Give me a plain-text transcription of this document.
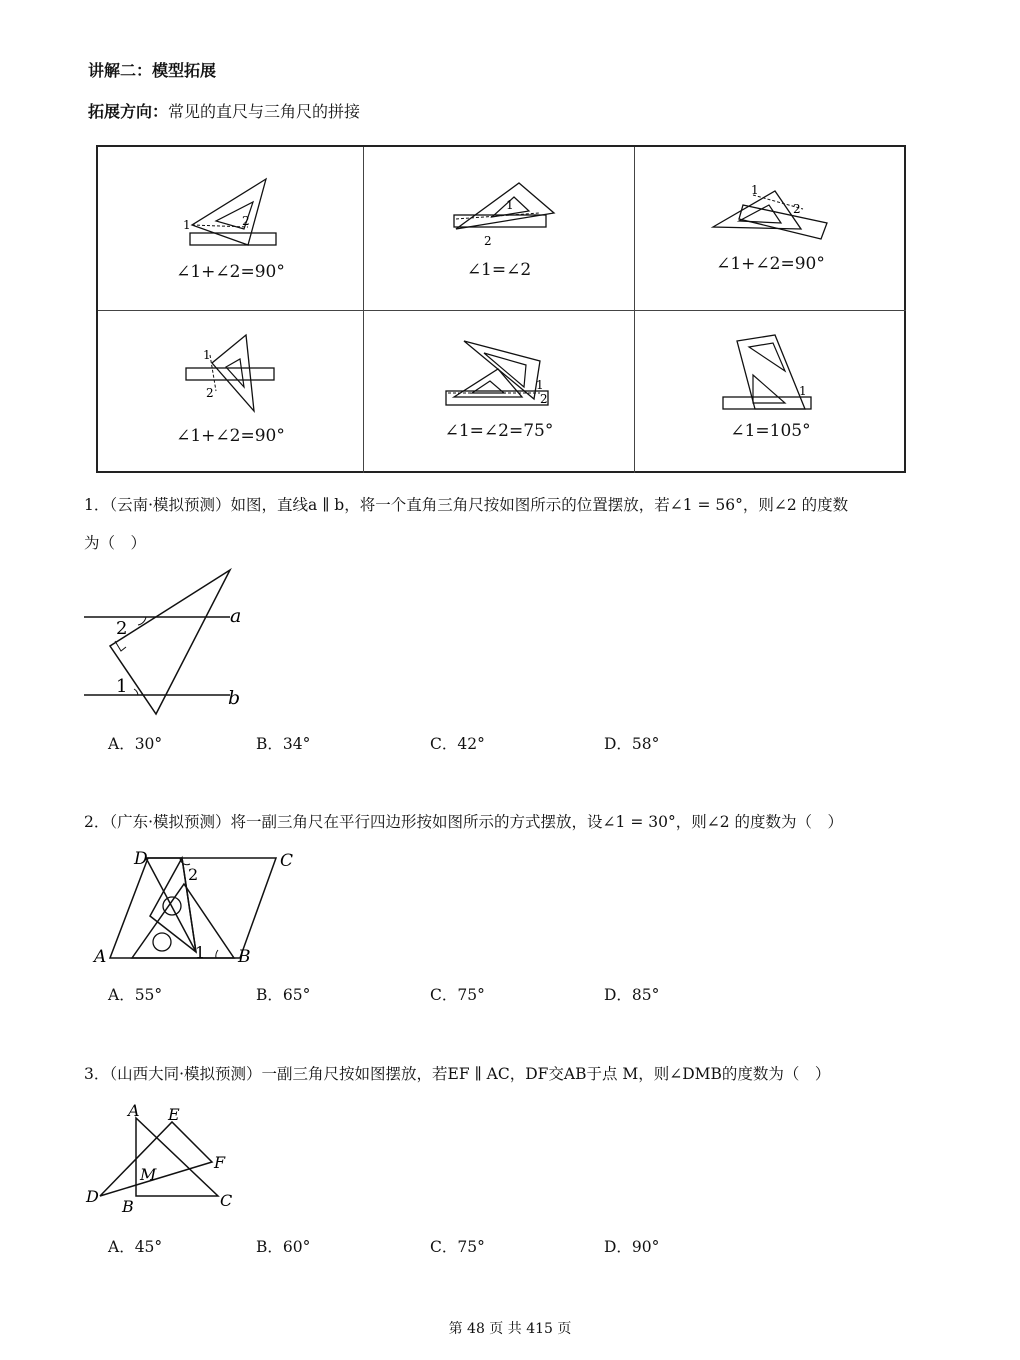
讲解二：模型拓展
拓展方向：常见的直尺与三角尺的拼接
1	2
∠1+∠2=90°
1
2
∠1=∠2
1
2
∠1+∠2=90°
1
2
∠1+∠2=90°
1
2
∠1=∠2=75°
1
∠1=105°
1．（云南·模拟预测）如图，直线a ∥ b，将一个直角三角尺按如图所示的位置摆放，若∠1 = 56°，则∠2 的度数
为（　）
a
b
2
1
A．30°	B．34°	C．42°	D．58°
2．（广东·模拟预测）将一副三角尺在平行四边形按如图所示的方式摆放，设∠1 = 30°，则∠2 的度数为（　）
A	B
C
D
2
1
A．55°	B．65°	C．75°	D．85°
3．（山西大同·模拟预测）一副三角尺按如图摆放，若EF ∥ AC，DF交AB于点 M，则∠DMB的度数为（　）
A E
F
M
D
B	C
A．45°	B．60°	C．75°	D．90°
第 48 页 共 415 页
